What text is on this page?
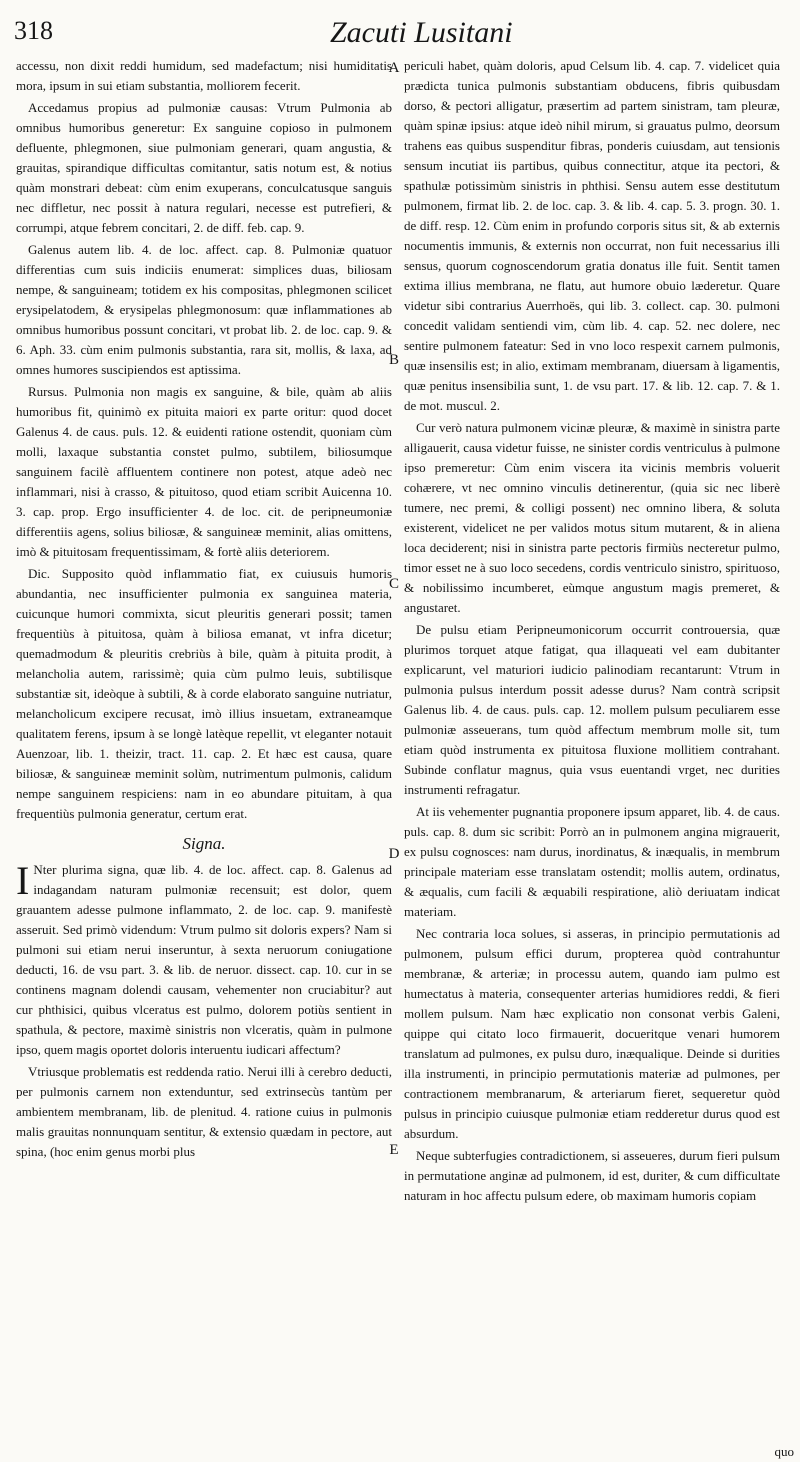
318	Zacuti Lusitani

accessu, non dixit reddi humidum, sed madefactum; nisi humiditatis mora, ipsum in sui etiam substantia, molliorem fecerit.

Accedamus propius ad pulmoniæ causas: Vtrum Pulmonia ab omnibus humoribus generetur: Ex sanguine copioso in pulmonem defluente, phlegmonen, siue pulmoniam generari, quam angustia, & grauitas, spirandique difficultas comitantur, satis notum est, & notius quàm monstrari debeat: cùm enim exuperans, conculcatusque sanguis nec diffletur, nec possit à natura regulari, necesse est putrefieri, & corrumpi, atque febrem concitari, 2. de diff. feb. cap. 9.

Galenus autem lib. 4. de loc. affect. cap. 8. Pulmoniæ quatuor differentias cum suis indiciis enumerat: simplices duas, biliosam nempe, & sanguineam; totidem ex his compositas, phlegmonen scilicet erysipelatodem, & erysipelas phlegmonosum: quæ inflammationes ab omnibus humoribus possunt concitari, vt probat lib. 2. de loc. cap. 9. & 6. Aph. 33. cùm enim pulmonis substantia, rara sit, mollis, & laxa, ad omnes humores suscipiendos est aptissima.

Rursus. Pulmonia non magis ex sanguine, & bile, quàm ab aliis humoribus fit, quinimò ex pituita maiori ex parte oritur: quod docet Galenus 4. de caus. puls. 12. & euidenti ratione ostendit, quoniam cùm molli, laxaque substantia constet pulmo, subtilem, biliosumque sanguinem facilè affluentem continere non potest, atque adeò nec inflammari, nisi à crasso, & pituitoso, quod etiam scribit Auicenna 10. 3. cap. prop. Ergo insufficienter 4. de loc. cit. de peripneumoniæ differentiis agens, solius biliosæ, & sanguineæ meminit, alias omittens, imò & pituitosam frequentissimam, & fortè aliis deteriorem.

Dic. Supposito quòd inflammatio fiat, ex cuiusuis humoris abundantia, nec insufficienter pulmonia ex sanguinea materia, cuicunque humori commixta, sicut pleuritis generari possit; tamen frequentiùs à pituitosa, quàm à biliosa emanat, vt infra dicetur; quemadmodum & pleuritis crebriùs à bile, quàm à pituita prodit, à melancholia autem, rarissimè; quia cùm pulmo leuis, subtilisque substantiæ sit, ideòque à subtili, & à corde elaborato sanguine nutriatur, melancholicum excipere recusat, imò illius insuetam, extraneamque qualitatem ferens, ipsum à se longè latèque repellit, vt eleganter notauit Auenzoar, lib. 1. theizir, tract. 11. cap. 2. Et hæc est causa, quare biliosæ, & sanguineæ meminit solùm, nutrimentum pulmonis, calidum nempe sanguinem respiciens: nam in eo abundare pituitam, à qua frequentiùs pulmonia generatur, certum erat.

Signa.

I Nter plurima signa, quæ lib. 4. de loc. affect. cap. 8. Galenus ad indagandam naturam pulmoniæ recensuit; est dolor, quem grauantem adesse pulmone inflammato, 2. de loc. cap. 9. manifestè asseruit. Sed primò videndum: Vtrum pulmo sit doloris expers? Nam si pulmoni sui etiam nerui inseruntur, à sexta neruorum coniugatione deducti, 16. de vsu part. 3. & lib. de neruor. dissect. cap. 10. cur in se continens magnam dolendi causam, vehementer non cruciabitur? aut cur phthisici, quibus vlceratus est pulmo, dolorem potiùs sentient in spathula, & pectore, maximè sinistris non vlceratis, quàm in pulmone ipso, quem magis oportet doloris interuentu iudicari affectum?

Vtriusque problematis est reddenda ratio. Nerui illi à cerebro deducti, per pulmonis carnem non extenduntur, sed extrinsecùs tantùm per ambientem membranam, lib. de plenitud. 4. ratione cuius in pulmonis malis grauitas nonnunquam sentitur, & extensio quædam in pectore, aut spina, (hoc enim genus morbi plus

A
B
C
D
E

periculi habet, quàm doloris, apud Celsum lib. 4. cap. 7. videlicet quia prædicta tunica pulmonis substantiam obducens, fibris quibusdam dorso, & pectori alligatur, præsertim ad partem sinistram, tam pleuræ, quàm spinæ ipsius: atque ideò nihil mirum, si grauatus pulmo, deorsum trahens eas quibus suspenditur fibras, ponderis cuiusdam, aut tensionis sensum incutiat iis partibus, quibus connectitur, atque ita pectori, & spathulæ potissimùm sinistris in phthisi. Sensu autem esse destitutum pulmonem, firmat lib. 2. de loc. cap. 3. & lib. 4. cap. 5. 3. progn. 30. 1. de diff. resp. 12. Cùm enim in profundo corporis situs sit, & ab externis nocumentis immunis, & externis non occurrat, non fuit necessarius illi sensus, quorum cognoscendorum gratia donatus ille fuit. Sentit tamen extima illius membrana, ne flatu, aut humore obuio læderetur. Quare videtur sibi contrarius Auerrhoës, qui lib. 3. collect. cap. 30. pulmoni concedit validam sentiendi vim, cùm lib. 4. cap. 52. nec dolere, nec sentire pulmonem fateatur: Sed in vno loco respexit carnem pulmonis, quæ insensilis est; in alio, extimam membranam, diuersam à ligamentis, quæ penitus insensibilia sunt, 1. de vsu part. 17. & lib. 12. cap. 7. & 1. de mot. muscul. 2.

Cur verò natura pulmonem vicinæ pleuræ, & maximè in sinistra parte alligauerit, causa videtur fuisse, ne sinister cordis ventriculus à pulmone ipso premeretur: Cùm enim viscera ita vicinis membris voluerit cohærere, vt nec omnino vinculis detinerentur, (quia sic nec liberè tumere, nec premi, & colligi possent) nec omnino libera, & soluta existerent, videlicet ne per validos motus situm mutarent, & in aliena loca deciderent; nisi in sinistra parte pectoris firmiùs necteretur pulmo, timor esset ne à suo loco secedens, cordis ventriculo sinistro, spirituoso, & nobilissimo incumberet, eùmque angustum magis premeret, & angustaret.

De pulsu etiam Peripneumonicorum occurrit controuersia, quæ plurimos torquet atque fatigat, qua illaqueati vel eam dubitanter explicarunt, vel maturiori iudicio palinodiam recantarunt: Vtrum in pulmonia pulsus interdum possit adesse durus? Nam contrà scripsit Galenus lib. 4. de caus. puls. cap. 12. mollem pulsum peculiarem esse pulmoniæ asseuerans, tum quòd affectum membrum molle sit, tum etiam quòd instrumenta ex pituitosa fluxione mollitiem contrahant. Subinde conflatur magnus, quia vsus euentandi vrget, nec durities instrumenti refragatur.

At iis vehementer pugnantia proponere ipsum apparet, lib. 4. de caus. puls. cap. 8. dum sic scribit: Porrò an in pulmonem angina migrauerit, ex pulsu cognosces: nam durus, inordinatus, & inæqualis, in membrum principale materiam esse translatam ostendit; mollis autem, ordinatus, & æqualis, cum facili & æquabili respiratione, aliò deriuatam indicat materiam.

Nec contraria loca solues, si asseras, in principio permutationis ad pulmonem, pulsum effici durum, propterea quòd contrahuntur membranæ, & arteriæ; in processu autem, quando iam pulmo est humectatus à materia, consequenter arterias humidiores reddi, & fieri mollem pulsum. Nam hæc explicatio non consonat verbis Galeni, quippe qui citato loco firmauerit, docueritque venari humorem translatum ad pulmones, ex pulsu duro, inæqualique. Deinde si durities illa instrumenti, in principio permutationis materiæ ad pulmones, per contractionem membranarum, & arteriarum fieret, sequeretur quòd pulsus in principio cuiusque pulmoniæ etiam redderetur durus quod est absurdum.

Neque subterfugies contradictionem, si asseueres, durum fieri pulsum in permutatione anginæ ad pulmonem, id est, duriter, & cum difficultate naturam in hoc affectu pulsum edere, ob maximam humoris copiam

quo
